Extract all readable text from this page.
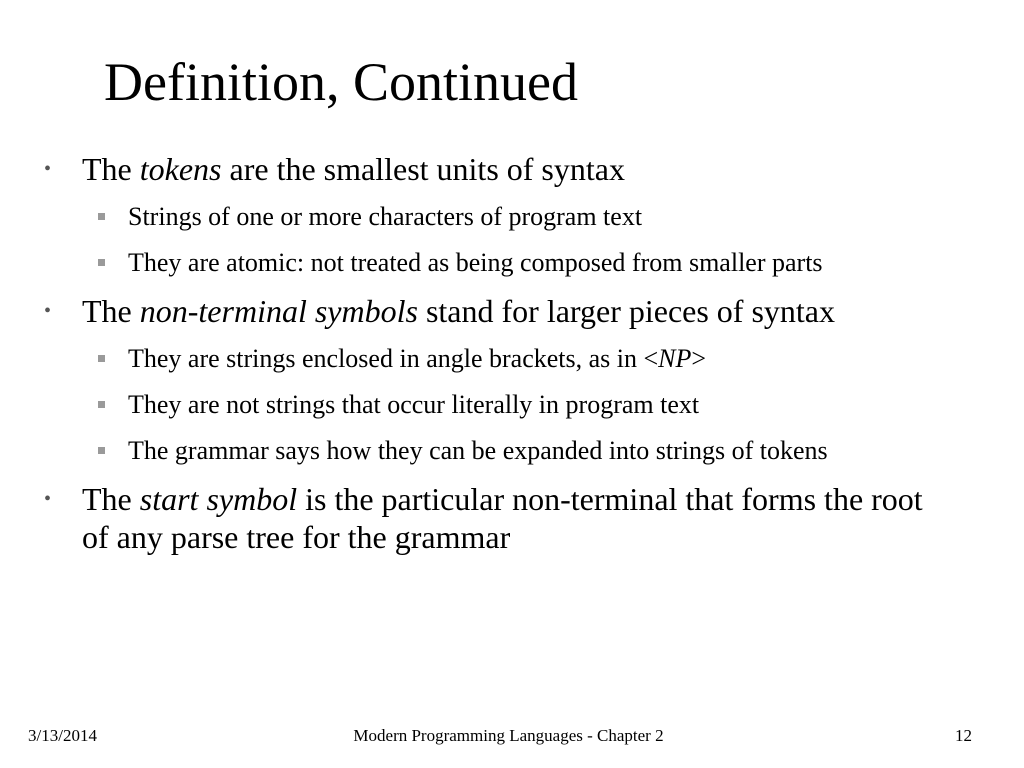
Definition, Continued
• The tokens are the smallest units of syntax
Strings of one or more characters of program text
They are atomic: not treated as being composed from smaller parts
• The non-terminal symbols stand for larger pieces of syntax
They are strings enclosed in angle brackets, as in <NP>
They are not strings that occur literally in program text
The grammar says how they can be expanded into strings of tokens
• The start symbol is the particular non-terminal that forms the root of any parse tree for the grammar
3/13/2014	Modern Programming Languages - Chapter 2	12
